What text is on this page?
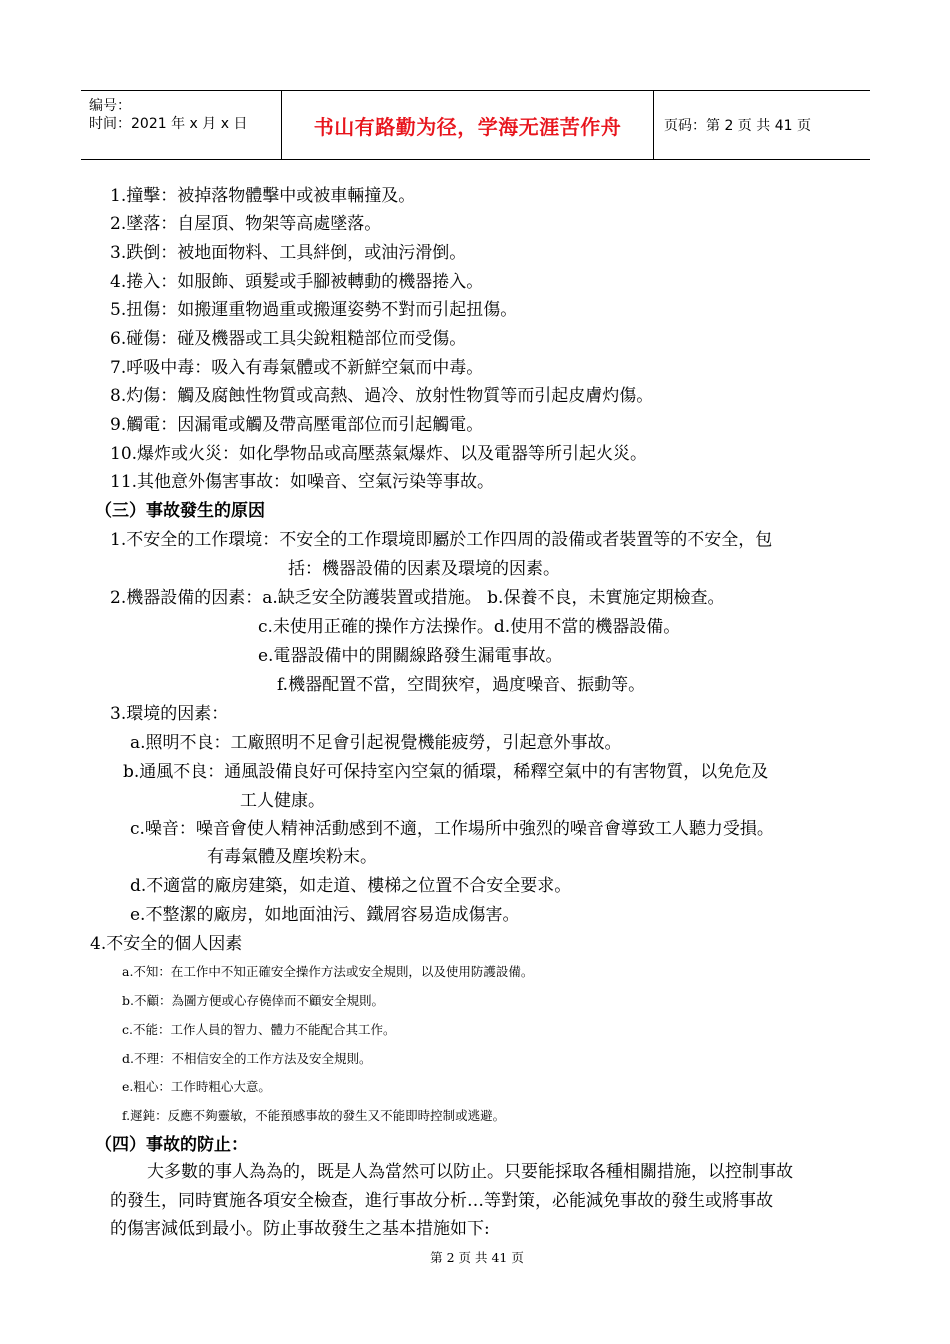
编号：
时间：2021 年 x 月 x 日	书山有路勤为径，学海无涯苦作舟	页码：第 2 页 共 41 页
1.撞擊：被掉落物體擊中或被車輛撞及。
2.墜落：自屋頂、物架等高處墜落。
3.跌倒：被地面物料、工具絆倒，或油污滑倒。
4.捲入：如服飾、頭髮或手腳被轉動的機器捲入。
5.扭傷：如搬運重物過重或搬運姿勢不對而引起扭傷。
6.碰傷：碰及機器或工具尖銳粗糙部位而受傷。
7.呼吸中毒：吸入有毒氣體或不新鮮空氣而中毒。
8.灼傷：觸及腐蝕性物質或高熱、過冷、放射性物質等而引起皮膚灼傷。
9.觸電：因漏電或觸及帶高壓電部位而引起觸電。
10.爆炸或火災：如化學物品或高壓蒸氣爆炸、以及電器等所引起火災。
11.其他意外傷害事故：如噪音、空氣污染等事故。
（三）事故發生的原因
1.不安全的工作環境：不安全的工作環境即屬於工作四周的設備或者裝置等的不安全，包
括：機器設備的因素及環境的因素。
2.機器設備的因素：a.缺乏安全防護裝置或措施。 b.保養不良，未實施定期檢查。
c.未使用正確的操作方法操作。d.使用不當的機器設備。
e.電器設備中的開關線路發生漏電事故。
f.機器配置不當，空間狹窄，過度噪音、振動等。
3.環境的因素：
a.照明不良：工廠照明不足會引起視覺機能疲勞，引起意外事故。
b.通風不良：通風設備良好可保持室內空氣的循環，稀釋空氣中的有害物質，以免危及
工人健康。
c.噪音：噪音會使人精神活動感到不適，工作場所中強烈的噪音會導致工人聽力受損。
有毒氣體及塵埃粉末。
d.不適當的廠房建築，如走道、樓梯之位置不合安全要求。
e.不整潔的廠房，如地面油污、鐵屑容易造成傷害。
4.不安全的個人因素
a.不知：在工作中不知正確安全操作方法或安全規則，以及使用防護設備。
b.不顧：為圖方便或心存僥倖而不顧安全規則。
c.不能：工作人員的智力、體力不能配合其工作。
d.不理：不相信安全的工作方法及安全規則。
e.粗心：工作時粗心大意。
f.遲鈍：反應不夠靈敏，不能預感事故的發生又不能即時控制或逃避。
（四）事故的防止：
大多數的事人為為的，既是人為當然可以防止。只要能採取各種相關措施，以控制事故
的發生，同時實施各項安全檢查，進行事故分析…等對策，必能減免事故的發生或將事故
的傷害減低到最小。防止事故發生之基本措施如下:
第 2 页 共 41 页
